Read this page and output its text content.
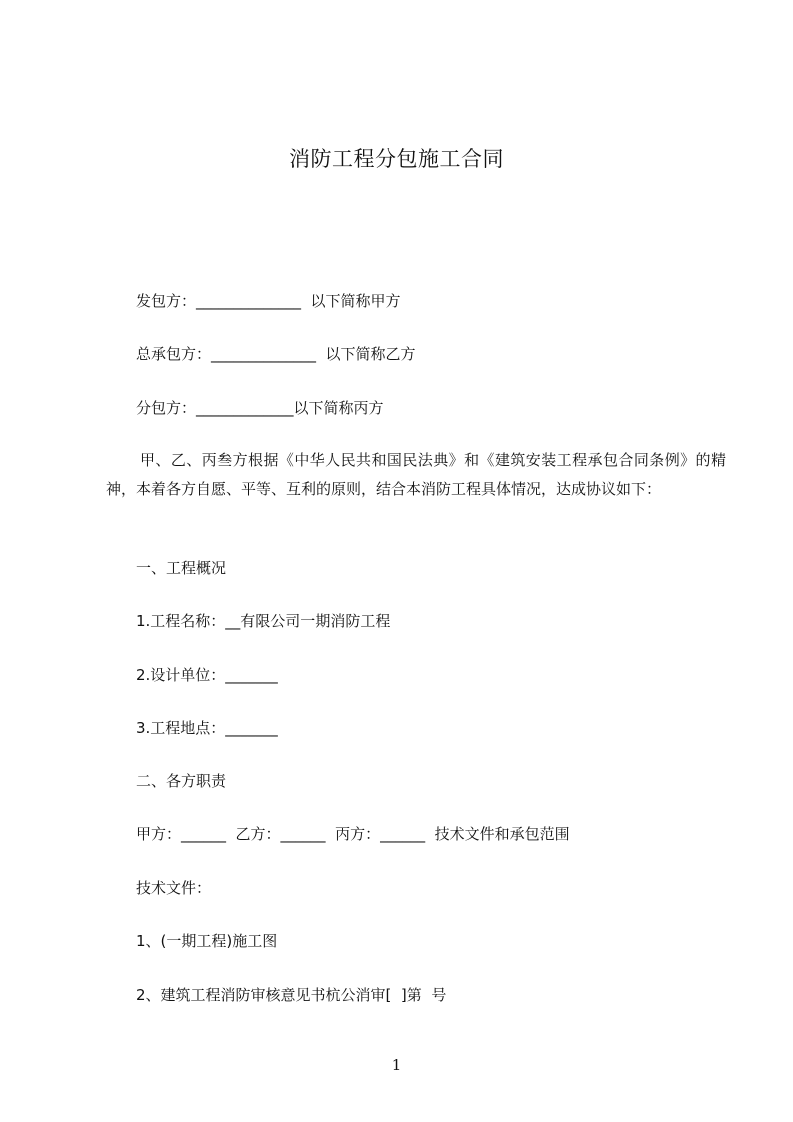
消防工程分包施工合同
发包方：______________  以下简称甲方
总承包方：______________  以下简称乙方
分包方：_____________以下简称丙方
甲、乙、丙叁方根据《中华人民共和国民法典》和《建筑安装工程承包合同条例》的精神，本着各方自愿、平等、互利的原则，结合本消防工程具体情况，达成协议如下：
一、工程概况
1.工程名称：__有限公司一期消防工程
2.设计单位：_______
3.工程地点：_______
二、各方职责
甲方：______  乙方：______  丙方：______  技术文件和承包范围
技术文件：
1、(一期工程)施工图
2、建筑工程消防审核意见书杭公消审[  ]第  号
1
